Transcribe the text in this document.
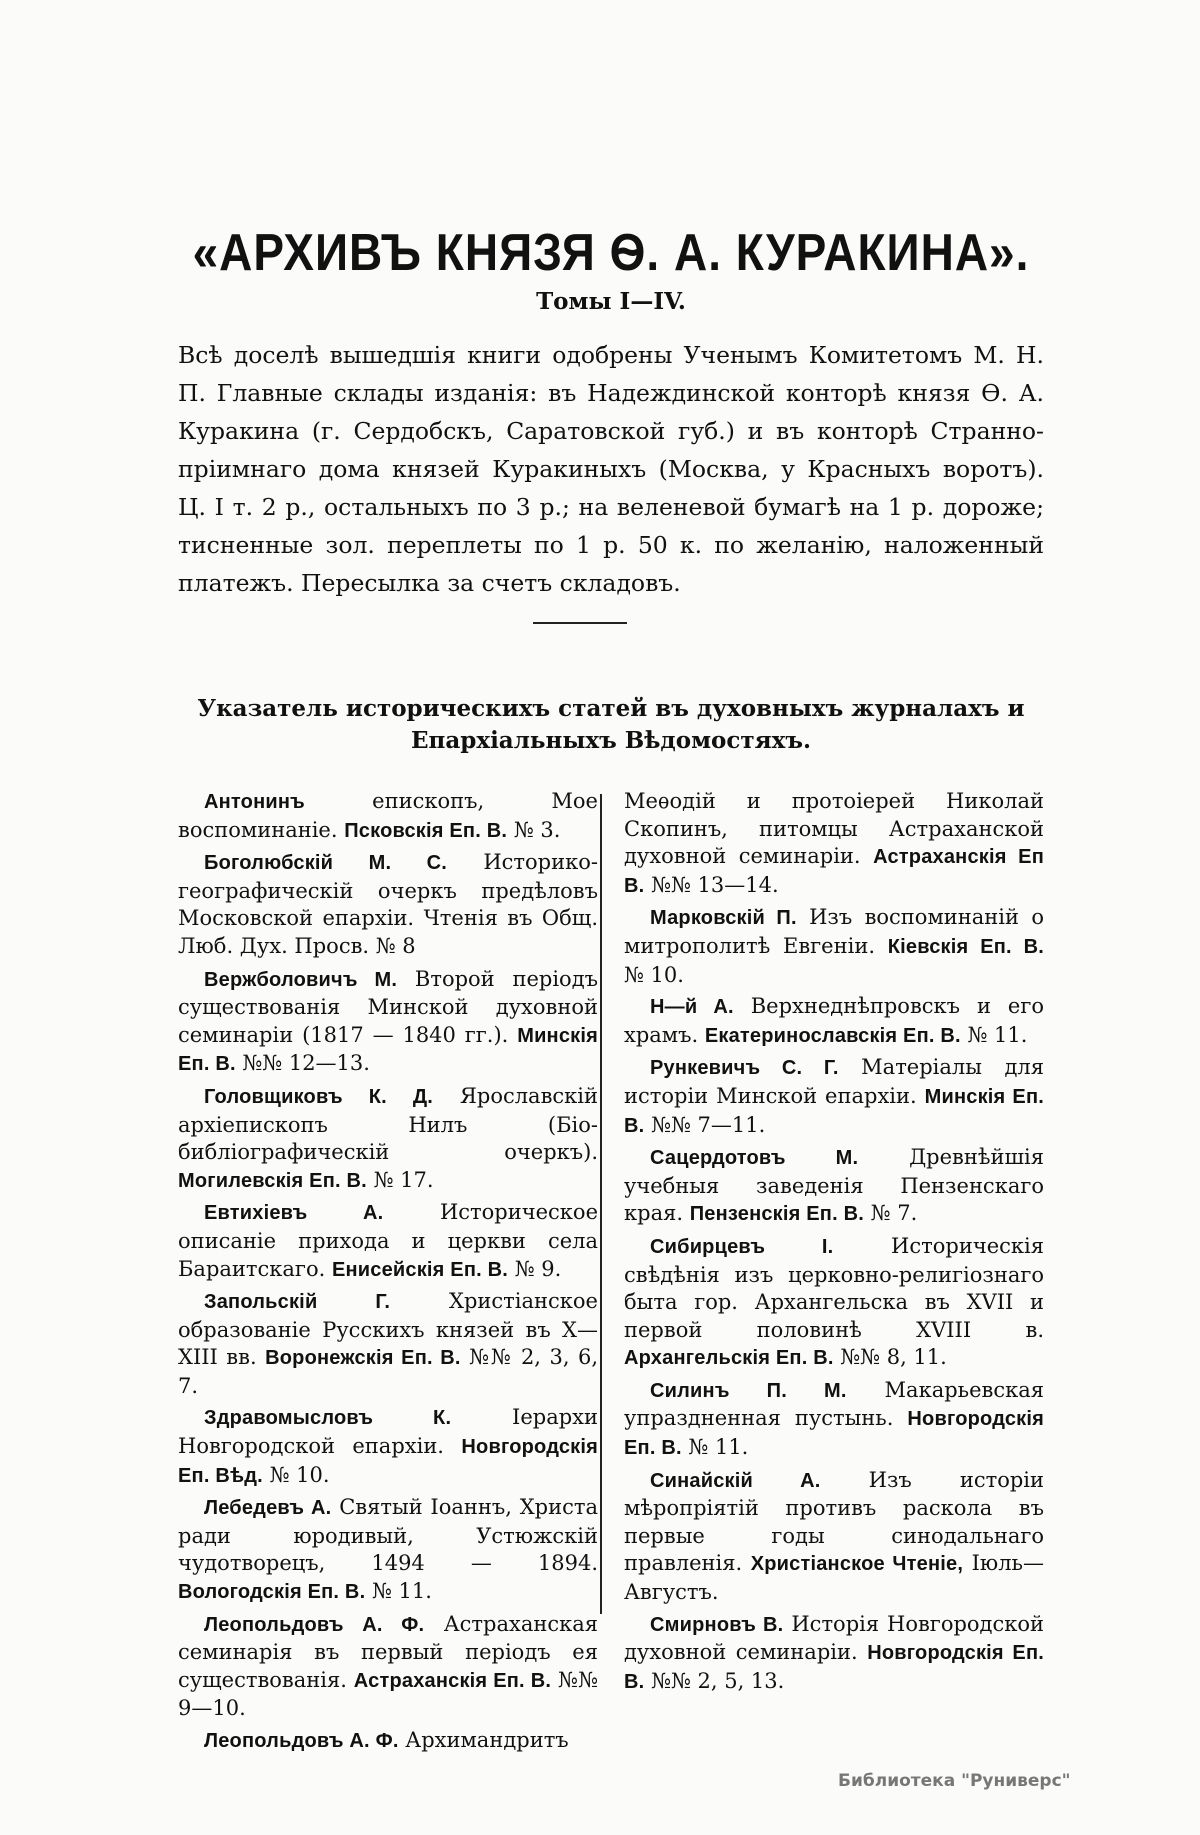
«АРХИВЪ КНЯЗЯ Ѳ. А. КУРАКИНА».
Томы I—IV.

Всѣ доселѣ вышедшія книги одобрены Ученымъ Комитетомъ М. Н. П. Главные склады изданія: въ Надеждинской конторѣ князя Ѳ. А. Куракина (г. Сердобскъ, Саратовской губ.) и въ конторѣ Странно-пріимнаго дома князей Куракиныхъ (Москва, у Красныхъ воротъ). Ц. I т. 2 р., остальныхъ по 3 р.; на веленевой бумагѣ на 1 р. дороже; тисненные зол. переплеты по 1 р. 50 к. по желанію, наложенный платежъ. Пересылка за счетъ складовъ.

Указатель историческихъ статей въ духовныхъ журналахъ и
Епархіальныхъ Вѣдомостяхъ.

Антонинъ епископъ, Мое воспоминаніе. Псковскія Еп. В. № 3.

Боголюбскій М. С. Историко-географическій очеркъ предѣловъ Московской епархіи. Чтенія въ Общ. Люб. Дух. Просв. № 8

Вержболовичъ М. Второй періодъ существованія Минской духовной семинаріи (1817 — 1840 гг.). Минскія Еп. В. №№ 12—13.

Головщиковъ К. Д. Ярославскій архіепископъ Нилъ (Біо-библіографическій очеркъ). Могилевскія Еп. В. № 17.

Евтихіевъ А. Историческое описаніе прихода и церкви села Бараитскаго. Енисейскія Еп. В. № 9.

Запольскій Г. Христіанское образованіе Русскихъ князей въ X—XIII вв. Воронежскія Еп. В. №№ 2, 3, 6, 7.

Здравомысловъ К. Іерархи Новгородской епархіи. Новгородскія Еп. Вѣд. № 10.

Лебедевъ А. Святый Іоаннъ, Христа ради юродивый, Устюжскій чудотворецъ, 1494 — 1894. Вологодскія Еп. В. № 11.

Леопольдовъ А. Ф. Астраханская семинарія въ первый періодъ ея существованія. Астраханскія Еп. В. №№ 9—10.

Леопольдовъ А. Ф. Архимандритъ

Меѳодій и протоіерей Николай Скопинъ, питомцы Астраханской духовной семинаріи. Астраханскія Еп В. №№ 13—14.

Марковскій П. Изъ воспоминаній о митрополитѣ Евгеніи. Кіевскія Еп. В. № 10.

Н—й А. Верхнеднѣпровскъ и его храмъ. Екатеринославскія Еп. В. № 11.

Рункевичъ С. Г. Матеріалы для исторіи Минской епархіи. Минскія Еп. В. №№ 7—11.

Сацердотовъ М. Древнѣйшія учебныя заведенія Пензенскаго края. Пензенскія Еп. В. № 7.

Сибирцевъ І. Историческія свѣдѣнія изъ церковно-религіознаго быта гор. Архангельска въ XVII и первой половинѣ XVIII в. Архангельскія Еп. В. №№ 8, 11.

Силинъ П. М. Макарьевская упраздненная пустынь. Новгородскія Еп. В. № 11.

Синайскій А. Изъ исторіи мѣропріятій противъ раскола въ первые годы синодальнаго правленія. Христіанское Чтеніе, Іюль—Августъ.

Смирновъ В. Исторія Новгородской духовной семинаріи. Новгородскія Еп. В. №№ 2, 5, 13.

Библиотека "Руниверс"
